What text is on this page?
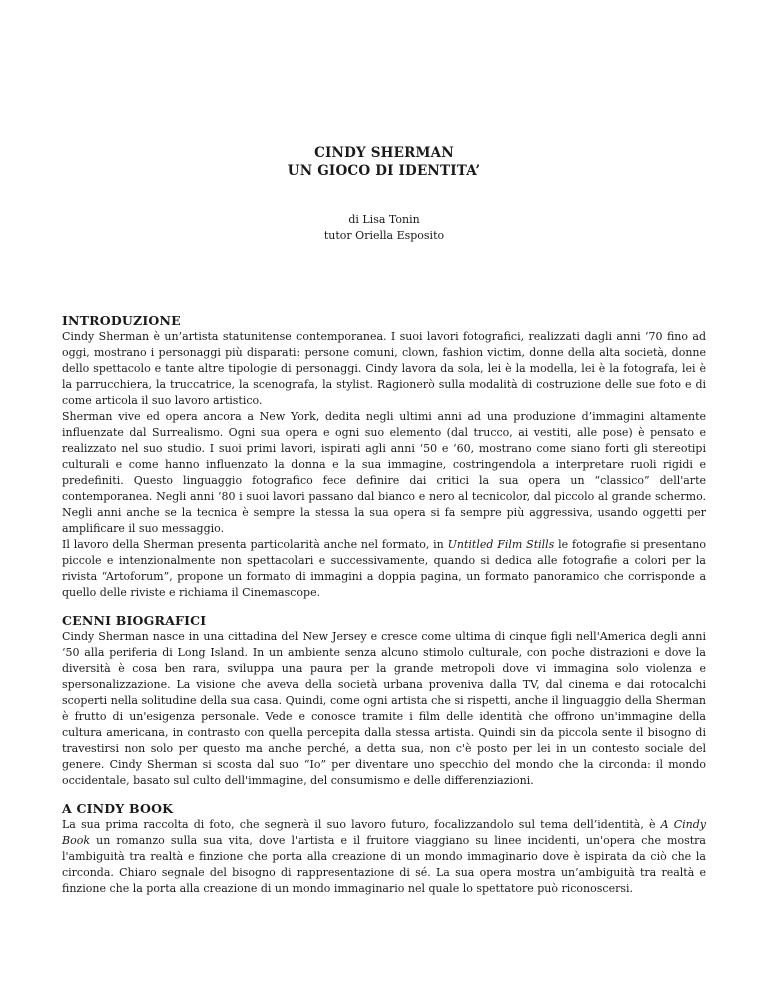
CINDY SHERMAN
UN GIOCO DI IDENTITA’
di Lisa Tonin
tutor Oriella Esposito
INTRODUZIONE

Cindy Sherman è un’artista statunitense contemporanea. I suoi lavori fotografici, realizzati dagli anni ‘70 fino ad oggi, mostrano i personaggi più disparati: persone comuni, clown, fashion victim, donne della alta società, donne dello spettacolo e tante altre tipologie di personaggi. Cindy lavora da sola, lei è la modella, lei è la fotografa, lei è la parrucchiera, la truccatrice, la scenografa, la stylist. Ragionerò sulla modalità di costruzione delle sue foto e di come articola il suo lavoro artistico.

Sherman vive ed opera ancora a New York, dedita negli ultimi anni ad una produzione d’immagini altamente influenzate dal Surrealismo. Ogni sua opera e ogni suo elemento (dal trucco, ai vestiti, alle pose) è pensato e realizzato nel suo studio. I suoi primi lavori, ispirati agli anni ‘50 e ‘60, mostrano come siano forti gli stereotipi culturali e come hanno influenzato la donna e la sua immagine, costringendola a interpretare ruoli rigidi e predefiniti. Questo linguaggio fotografico fece definire dai critici la sua opera un “classico” dell'arte contemporanea. Negli anni ‘80 i suoi lavori passano dal bianco e nero al tecnicolor, dal piccolo al grande schermo. Negli anni anche se la tecnica è sempre la stessa la sua opera si fa sempre più aggressiva, usando oggetti per amplificare il suo messaggio.

Il lavoro della Sherman presenta particolarità anche nel formato, in Untitled Film Stills le fotografie si presentano piccole e intenzionalmente non spettacolari e successivamente, quando si dedica alle fotografie a colori per la rivista “Artoforum”, propone un formato di immagini a doppia pagina, un formato panoramico che corrisponde a quello delle riviste e richiama il Cinemascope.

CENNI BIOGRAFICI

Cindy Sherman nasce in una cittadina del New Jersey e cresce come ultima di cinque figli nell'America degli anni ‘50 alla periferia di Long Island. In un ambiente senza alcuno stimolo culturale, con poche distrazioni e dove la diversità è cosa ben rara, sviluppa una paura per la grande metropoli dove vi immagina solo violenza e spersonalizzazione. La visione che aveva della società urbana proveniva dalla TV, dal cinema e dai rotocalchi scoperti nella solitudine della sua casa. Quindi, come ogni artista che si rispetti, anche il linguaggio della Sherman è frutto di un'esigenza personale. Vede e conosce tramite i film delle identità che offrono un'immagine della cultura americana, in contrasto con quella percepita dalla stessa artista. Quindi sin da piccola sente il bisogno di travestirsi non solo per questo ma anche perché, a detta sua, non c'è posto per lei in un contesto sociale del genere. Cindy Sherman si scosta dal suo “Io” per diventare uno specchio del mondo che la circonda: il mondo occidentale, basato sul culto dell'immagine, del consumismo e delle differenziazioni.

A CINDY BOOK

La sua prima raccolta di foto, che segnerà il suo lavoro futuro, focalizzandolo sul tema dell’identità, è A Cindy Book un romanzo sulla sua vita, dove l'artista e il fruitore viaggiano su linee incidenti, un'opera che mostra l'ambiguità tra realtà e finzione che porta alla creazione di un mondo immaginario dove è ispirata da ciò che la circonda. Chiaro segnale del bisogno di rappresentazione di sé. La sua opera mostra un’ambiguità tra realtà e finzione che la porta alla creazione di un mondo immaginario nel quale lo spettatore può riconoscersi.
